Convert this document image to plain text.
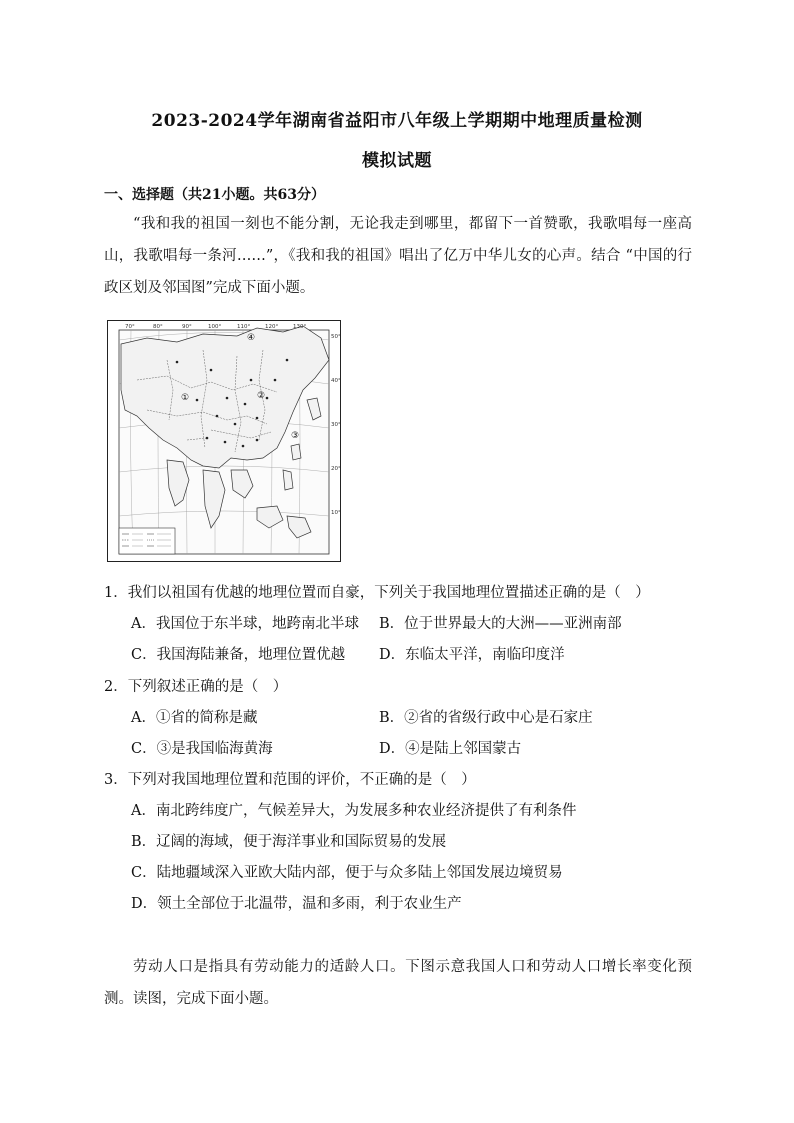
2023-2024学年湖南省益阳市八年级上学期期中地理质量检测
模拟试题
一、选择题（共21小题。共63分）
“我和我的祖国一刻也不能分割，无论我走到哪里，都留下一首赞歌，我歌唱每一座高山，我歌唱每一条河……”，《我和我的祖国》唱出了亿万中华儿女的心声。结合 “中国的行政区划及邻国图”完成下面小题。
70°	80°	90°	100°	110°	120°	130°
50°
40°
30°
20°
10°
①	②
③
④
1．我们以祖国有优越的地理位置而自豪，下列关于我国地理位置描述正确的是（　）
A．我国位于东半球，地跨南北半球 B．位于世界最大的大洲——亚洲南部
C．我国海陆兼备，地理位置优越 D．东临太平洋，南临印度洋
2．下列叙述正确的是（　）
A．①省的简称是藏	B．②省的省级行政中心是石家庄
C．③是我国临海黄海	D．④是陆上邻国蒙古
3．下列对我国地理位置和范围的评价，不正确的是（　）
A．南北跨纬度广，气候差异大，为发展多种农业经济提供了有利条件
B．辽阔的海域，便于海洋事业和国际贸易的发展
C．陆地疆域深入亚欧大陆内部，便于与众多陆上邻国发展边境贸易
D．领土全部位于北温带，温和多雨，利于农业生产
劳动人口是指具有劳动能力的适龄人口。下图示意我国人口和劳动人口增长率变化预测。读图，完成下面小题。
